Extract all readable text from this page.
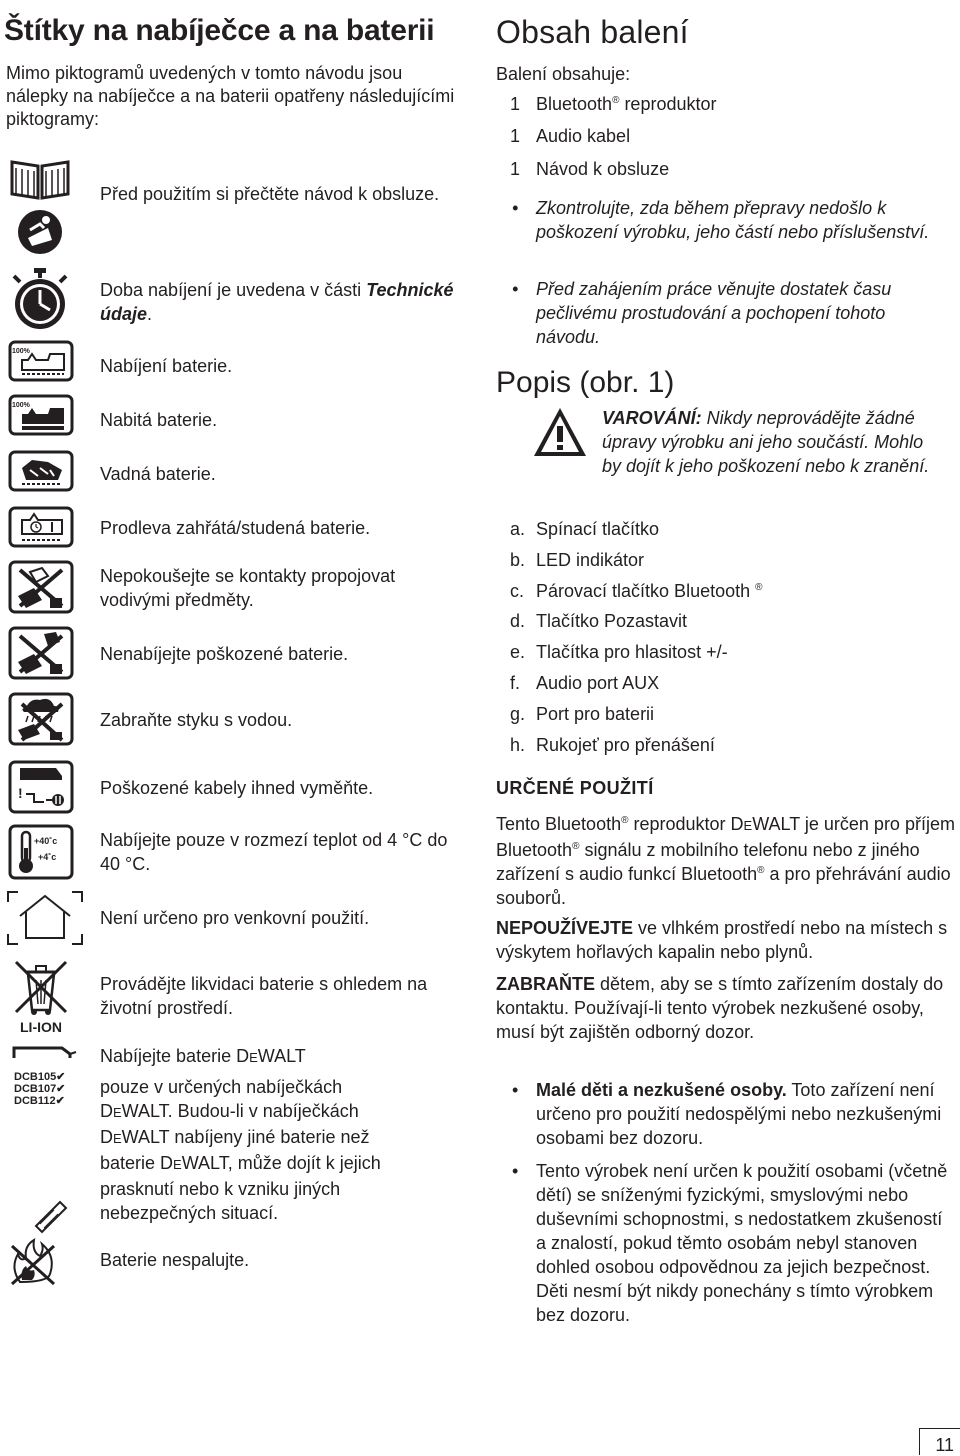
Štítky na nabíječce a na baterii

Mimo piktogramů uvedených v tomto návodu jsou nálepky na nabíječce a na baterii opatřeny následujícími piktogramy:

Před použitím si přečtěte návod k obsluze.

Doba nabíjení je uvedena v části Technické údaje.

100%

Nabíjení baterie.

100%

Nabitá baterie.

Vadná baterie.

Prodleva zahřátá/studená baterie.

Nepokoušejte se kontakty propojovat vodivými předměty.

Nenabíjejte poškozené baterie.

Zabraňte styku s vodou.

!	Poškozené kabely ihned vyměňte.

+40˚c
+4˚c

Nabíjejte pouze v rozmezí teplot od 4 °C do 40 °C.

Není určeno pro venkovní použití.

LI-ION

Provádějte likvidaci baterie s ohledem na životní prostředí.

DCB105✔
DCB107✔
DCB112✔
Nabíjejte baterie DEWALT
pouze v určených nabíječkách
DEWALT. Budou-li v nabíječkách
DEWALT nabíjeny jiné baterie než
baterie DEWALT, může dojít k jejich
prasknutí nebo k vzniku jiných
nebezpečných situací.

Baterie nespalujte.

Obsah balení

Balení obsahuje:

1 Bluetooth® reproduktor
1 Audio kabel
1 Návod k obsluze
• Zkontrolujte, zda během přepravy nedošlo k poškození výrobku, jeho částí nebo příslušenství.
• Před zahájením práce věnujte dostatek času pečlivému prostudování a pochopení tohoto návodu.
Popis (obr. 1)
VAROVÁNÍ: Nikdy neprovádějte žádné úpravy výrobku ani jeho součástí. Mohlo by dojít k jeho poškození nebo k zranění.
a. Spínací tlačítko
b. LED indikátor
c. Párovací tlačítko Bluetooth ®
d. Tlačítko Pozastavit
e. Tlačítka pro hlasitost +/-
f. Audio port AUX
g. Port pro baterii
h. Rukojeť pro přenášení
URČENÉ POUŽITÍ

Tento Bluetooth® reproduktor DEWALT je určen pro příjem Bluetooth® signálu z mobilního telefonu nebo z jiného zařízení s audio funkcí Bluetooth® a pro přehrávání audio souborů.

NEPOUŽÍVEJTE ve vlhkém prostředí nebo na místech s výskytem hořlavých kapalin nebo plynů.

ZABRAŇTE dětem, aby se s tímto zařízením dostaly do kontaktu. Používají-li tento výrobek nezkušené osoby, musí být zajištěn odborný dozor.

• Malé děti a nezkušené osoby. Toto zařízení není určeno pro použití nedospělými nebo nezkušenými osobami bez dozoru.
• Tento výrobek není určen k použití osobami (včetně dětí) se sníženými fyzickými, smyslovými nebo duševními schopnostmi, s nedostatkem zkušeností a znalostí, pokud těmto osobám nebyl stanoven dohled osobou odpovědnou za jejich bezpečnost. Děti nesmí být nikdy ponechány s tímto výrobkem bez dozoru.
11
